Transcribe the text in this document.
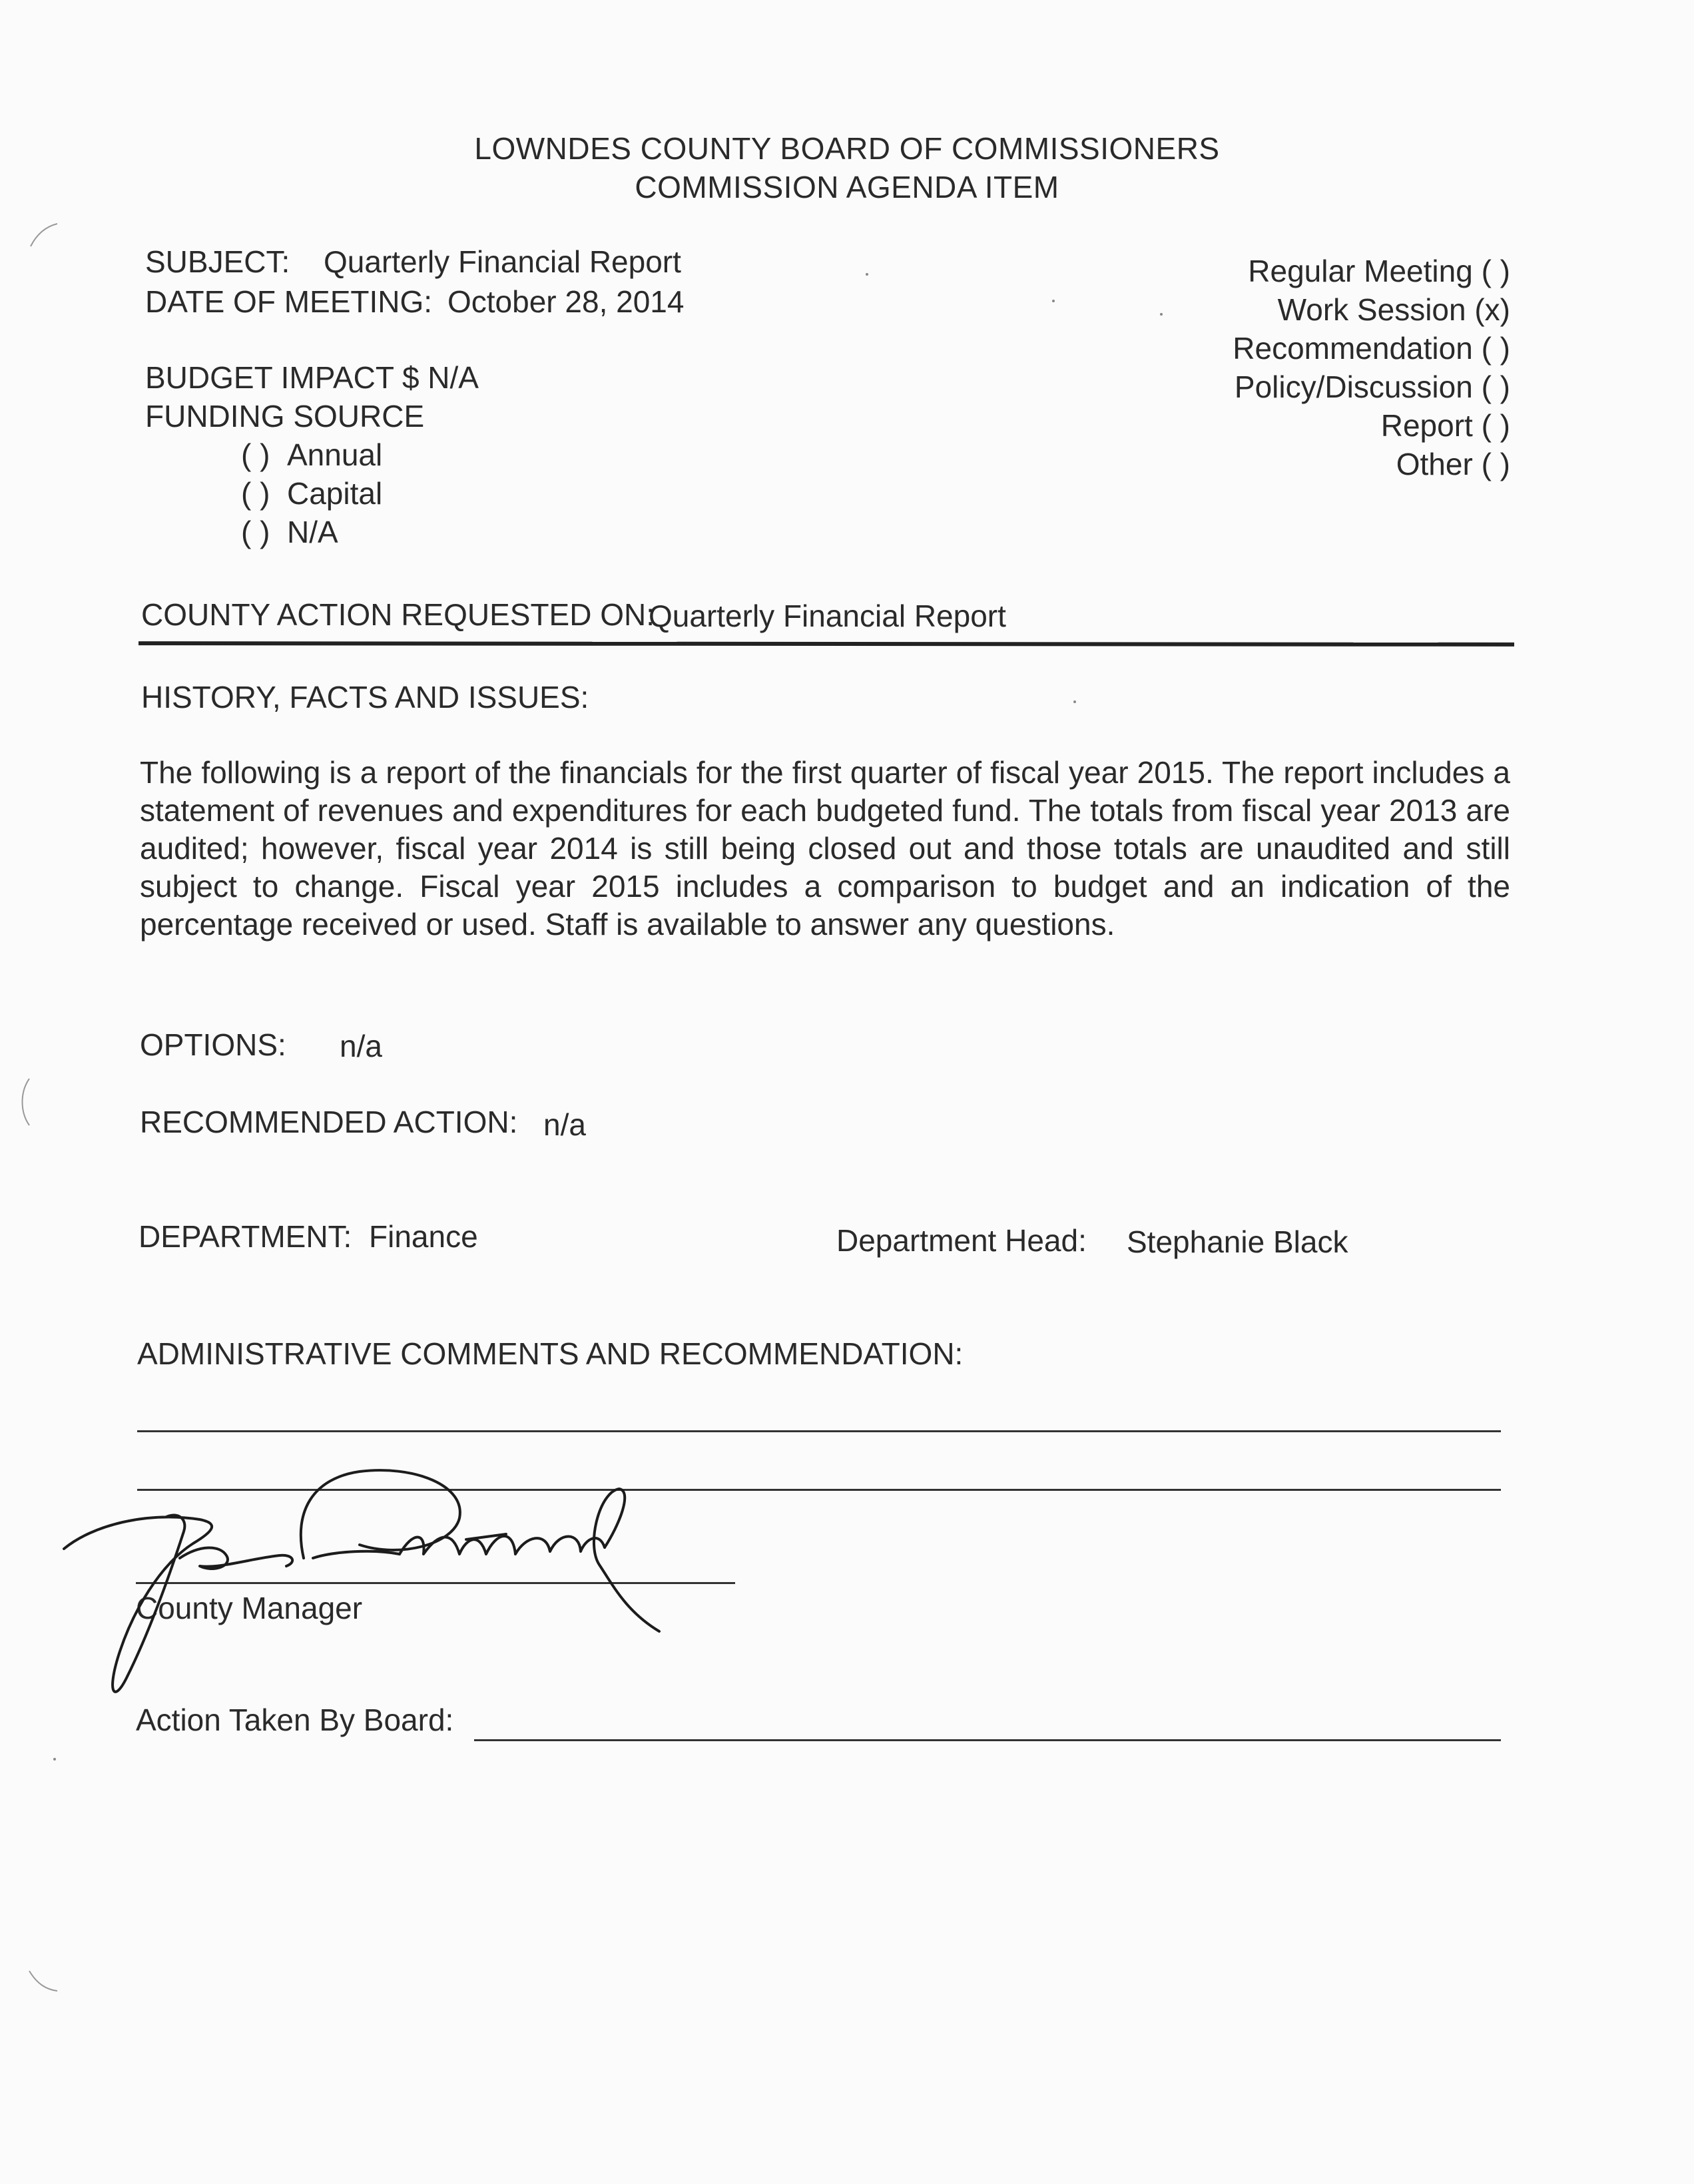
LOWNDES COUNTY BOARD OF COMMISSIONERS
COMMISSION AGENDA ITEM
SUBJECT: Quarterly Financial Report
DATE OF MEETING: October 28, 2014
BUDGET IMPACT $ N/A
FUNDING SOURCE
( ) Annual
( ) Capital
( ) N/A
Regular Meeting ( )
Work Session (x)
Recommendation ( )
Policy/Discussion ( )
Report ( )
Other ( )
COUNTY ACTION REQUESTED ON:
Quarterly Financial Report
HISTORY, FACTS AND ISSUES:
The following is a report of the financials for the first quarter of fiscal year 2015. The report includes a statement of revenues and expenditures for each budgeted fund. The totals from fiscal year 2013 are audited; however, fiscal year 2014 is still being closed out and those totals are unaudited and still subject to change. Fiscal year 2015 includes a comparison to budget and an indication of the percentage received or used. Staff is available to answer any questions.
OPTIONS: n/a
RECOMMENDED ACTION: n/a
DEPARTMENT: Finance	Department Head: Stephanie Black
ADMINISTRATIVE COMMENTS AND RECOMMENDATION:
County Manager
Action Taken By Board:
